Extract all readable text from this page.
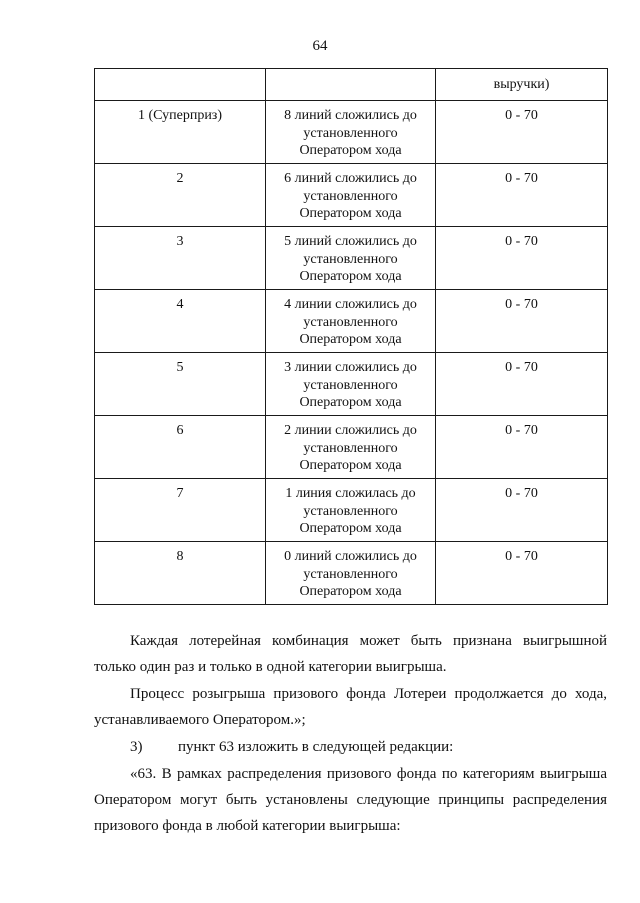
64
		выручки)
1 (Суперприз)	8 линий сложились до установленного Оператором хода	0 - 70
2	6 линий сложились до установленного Оператором хода	0 - 70
3	5 линий сложились до установленного Оператором хода	0 - 70
4	4 линии сложились до установленного Оператором хода	0 - 70
5	3 линии сложились до установленного Оператором хода	0 - 70
6	2 линии сложились до установленного Оператором хода	0 - 70
7	1 линия сложилась до установленного Оператором хода	0 - 70
8	0 линий сложились до установленного Оператором хода	0 - 70

Каждая лотерейная комбинация может быть признана выигрышной только один раз и только в одной категории выигрыша.

Процесс розыгрыша призового фонда Лотереи продолжается до хода, устанавливаемого Оператором.»;

3) пункт 63 изложить в следующей редакции:

«63. В рамках распределения призового фонда по категориям выигрыша Оператором могут быть установлены следующие принципы распределения призового фонда в любой категории выигрыша:
